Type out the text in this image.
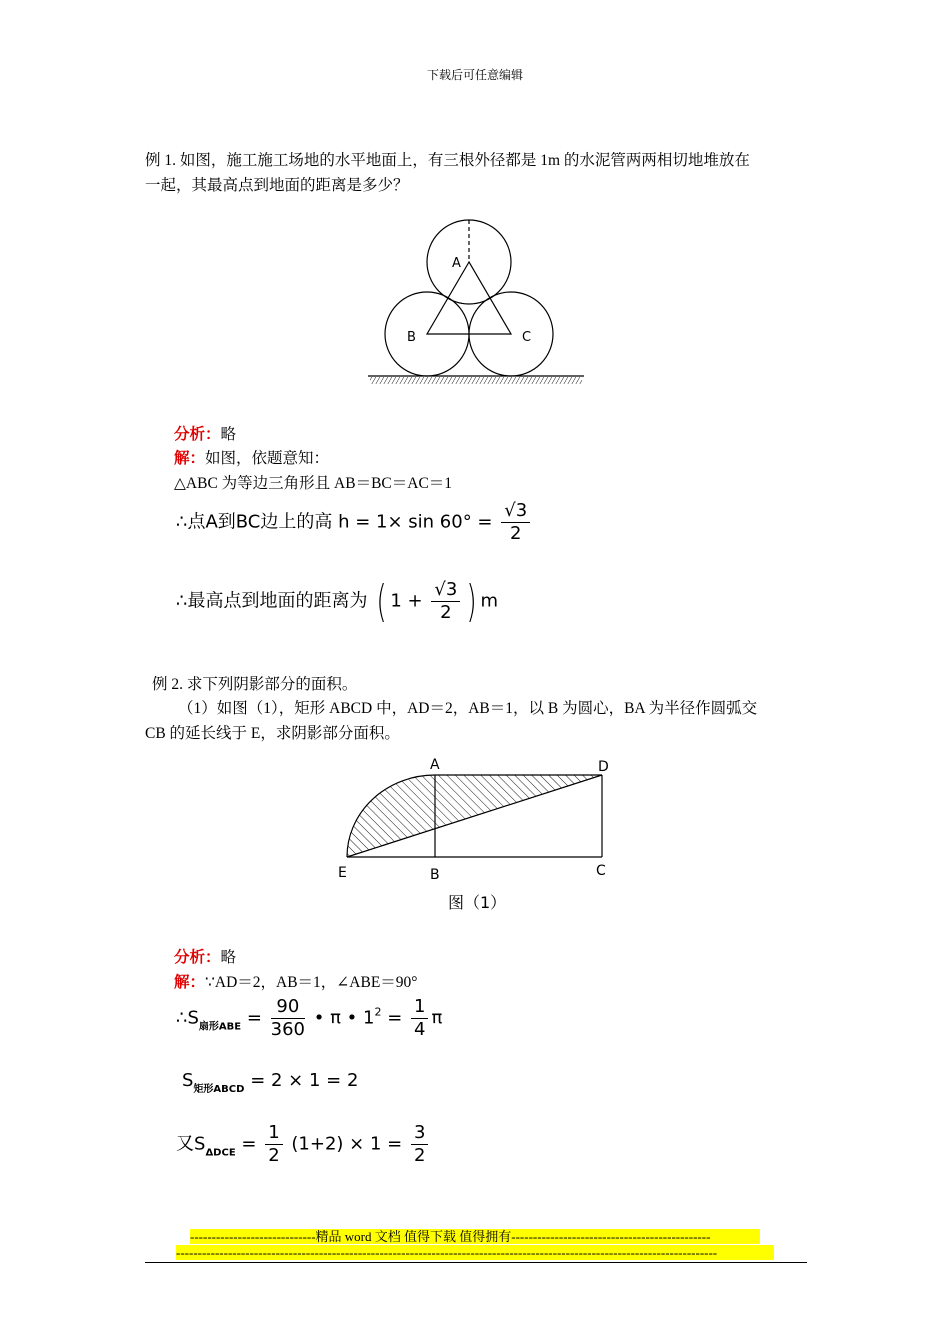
下载后可任意编辑
例 1. 如图，施工施工场地的水平地面上，有三根外径都是 1m 的水泥管两两相切地堆放在
一起，其最高点到地面的距离是多少？
A
B	C
分析：略
解：如图，依题意知：
△ABC 为等边三角形且 AB＝BC＝AC＝1
∴点A到BC边上的高 $h = 1\times \sin 60^\circ = \frac{√3}{2}$
∴最高点到地面的距离为 ( $1 + \frac{√3}{2}$ ) m
例 2. 求下列阴影部分的面积。
（1）如图（1），矩形 ABCD 中，AD＝2，AB＝1，以 B 为圆心，BA 为半径作圆弧交
CB 的延长线于 E，求阴影部分面积。
A	D
E	B	C
图（1）
分析：略
解：∵AD＝2，AB＝1，∠ABE＝90°
$\therefore S_{扇形ABE} = \frac{90}{360}$ • π • $1^2 = \frac{1}{4}$ π
$S_{矩形ABCD} = 2 \times 1 = 2$
又$S_{\Delta DCE} = \frac{1}{2} (1+2) \times 1 = \frac{3}{2}$
-----------------------------精品 word 文档 值得下载 值得拥有----------------------------------------------
-----------------------------------------------------------------------------------------------------------------------------
